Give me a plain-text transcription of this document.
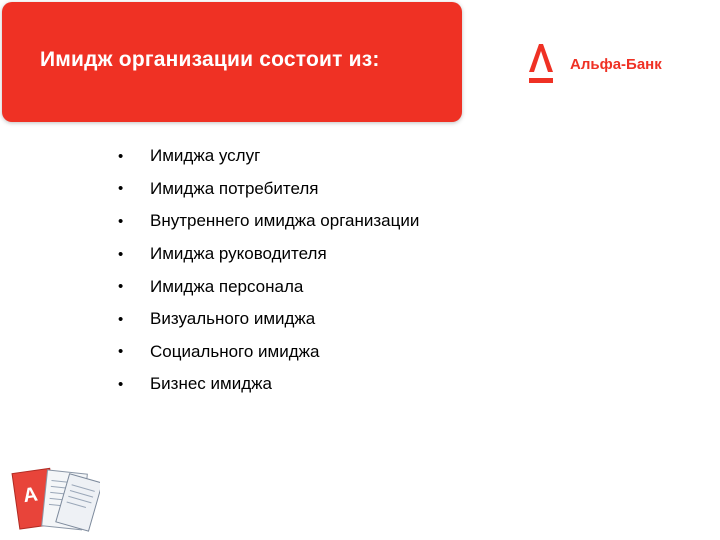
Имидж организации состоит из:	Альфа-Банк
•	Имиджа услуг
•	Имиджа потребителя
•	Внутреннего имиджа организации
•	Имиджа руководителя
•	Имиджа персонала
•	Визуального имиджа
•	Социального имиджа
•	Бизнес имиджа
A
